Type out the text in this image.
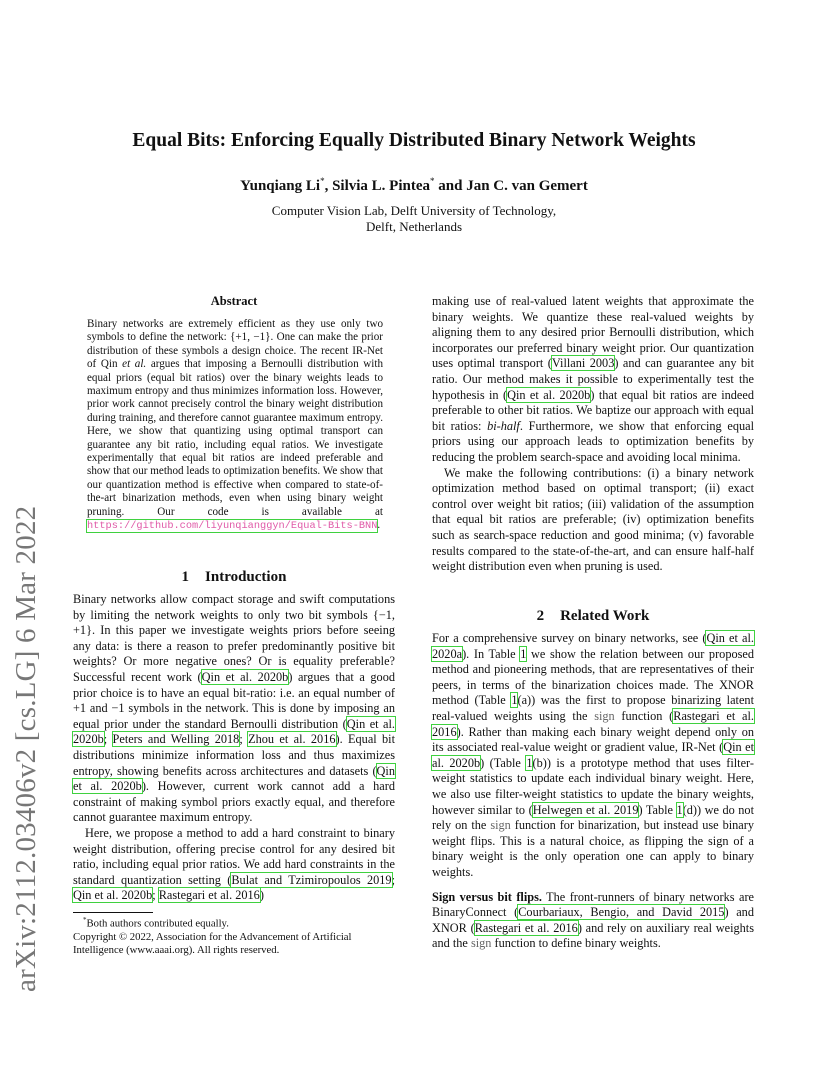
arXiv:2112.03406v2 [cs.LG] 6 Mar 2022
Equal Bits: Enforcing Equally Distributed Binary Network Weights
Yunqiang Li*, Silvia L. Pintea* and Jan C. van Gemert
Computer Vision Lab, Delft University of Technology,
Delft, Netherlands
Abstract
Binary networks are extremely efficient as they use only two symbols to define the network: {+1, −1}. One can make the prior distribution of these symbols a design choice. The recent IR-Net of Qin et al. argues that imposing a Bernoulli distribution with equal priors (equal bit ratios) over the binary weights leads to maximum entropy and thus minimizes information loss. However, prior work cannot precisely control the binary weight distribution during training, and therefore cannot guarantee maximum entropy. Here, we show that quantizing using optimal transport can guarantee any bit ratio, including equal ratios. We investigate experimentally that equal bit ratios are indeed preferable and show that our method leads to optimization benefits. We show that our quantization method is effective when compared to state-of-the-art binarization methods, even when using binary weight pruning. Our code is available at https://github.com/liyunqianggyn/Equal-Bits-BNN.
1 Introduction

Binary networks allow compact storage and swift computations by limiting the network weights to only two bit symbols {−1, +1}. In this paper we investigate weights priors before seeing any data: is there a reason to prefer predominantly positive bit weights? Or more negative ones? Or is equality preferable? Successful recent work (Qin et al. 2020b) argues that a good prior choice is to have an equal bit-ratio: i.e. an equal number of +1 and −1 symbols in the network. This is done by imposing an equal prior under the standard Bernoulli distribution (Qin et al. 2020b; Peters and Welling 2018; Zhou et al. 2016). Equal bit distributions minimize information loss and thus maximizes entropy, showing benefits across architectures and datasets (Qin et al. 2020b). However, current work cannot add a hard constraint of making symbol priors exactly equal, and therefore cannot guarantee maximum entropy.

Here, we propose a method to add a hard constraint to binary weight distribution, offering precise control for any desired bit ratio, including equal prior ratios. We add hard constraints in the standard quantization setting (Bulat and Tzimiropoulos 2019; Qin et al. 2020b; Rastegari et al. 2016)

*Both authors contributed equally.
Copyright © 2022, Association for the Advancement of Artificial Intelligence (www.aaai.org). All rights reserved.

making use of real-valued latent weights that approximate the binary weights. We quantize these real-valued weights by aligning them to any desired prior Bernoulli distribution, which incorporates our preferred binary weight prior. Our quantization uses optimal transport (Villani 2003) and can guarantee any bit ratio. Our method makes it possible to experimentally test the hypothesis in (Qin et al. 2020b) that equal bit ratios are indeed preferable to other bit ratios. We baptize our approach with equal bit ratios: bi-half. Furthermore, we show that enforcing equal priors using our approach leads to optimization benefits by reducing the problem search-space and avoiding local minima.

We make the following contributions: (i) a binary network optimization method based on optimal transport; (ii) exact control over weight bit ratios; (iii) validation of the assumption that equal bit ratios are preferable; (iv) optimization benefits such as search-space reduction and good minima; (v) favorable results compared to the state-of-the-art, and can ensure half-half weight distribution even when pruning is used.

2 Related Work

For a comprehensive survey on binary networks, see (Qin et al. 2020a). In Table 1 we show the relation between our proposed method and pioneering methods, that are representatives of their peers, in terms of the binarization choices made. The XNOR method (Table 1(a)) was the first to propose binarizing latent real-valued weights using the sign function (Rastegari et al. 2016). Rather than making each binary weight depend only on its associated real-value weight or gradient value, IR-Net (Qin et al. 2020b) (Table 1(b)) is a prototype method that uses filter-weight statistics to update each individual binary weight. Here, we also use filter-weight statistics to update the binary weights, however similar to (Helwegen et al. 2019) Table 1(d)) we do not rely on the sign function for binarization, but instead use binary weight flips. This is a natural choice, as flipping the sign of a binary weight is the only operation one can apply to binary weights.

Sign versus bit flips. The front-runners of binary networks are BinaryConnect (Courbariaux, Bengio, and David 2015) and XNOR (Rastegari et al. 2016) and rely on auxiliary real weights and the sign function to define binary weights.
